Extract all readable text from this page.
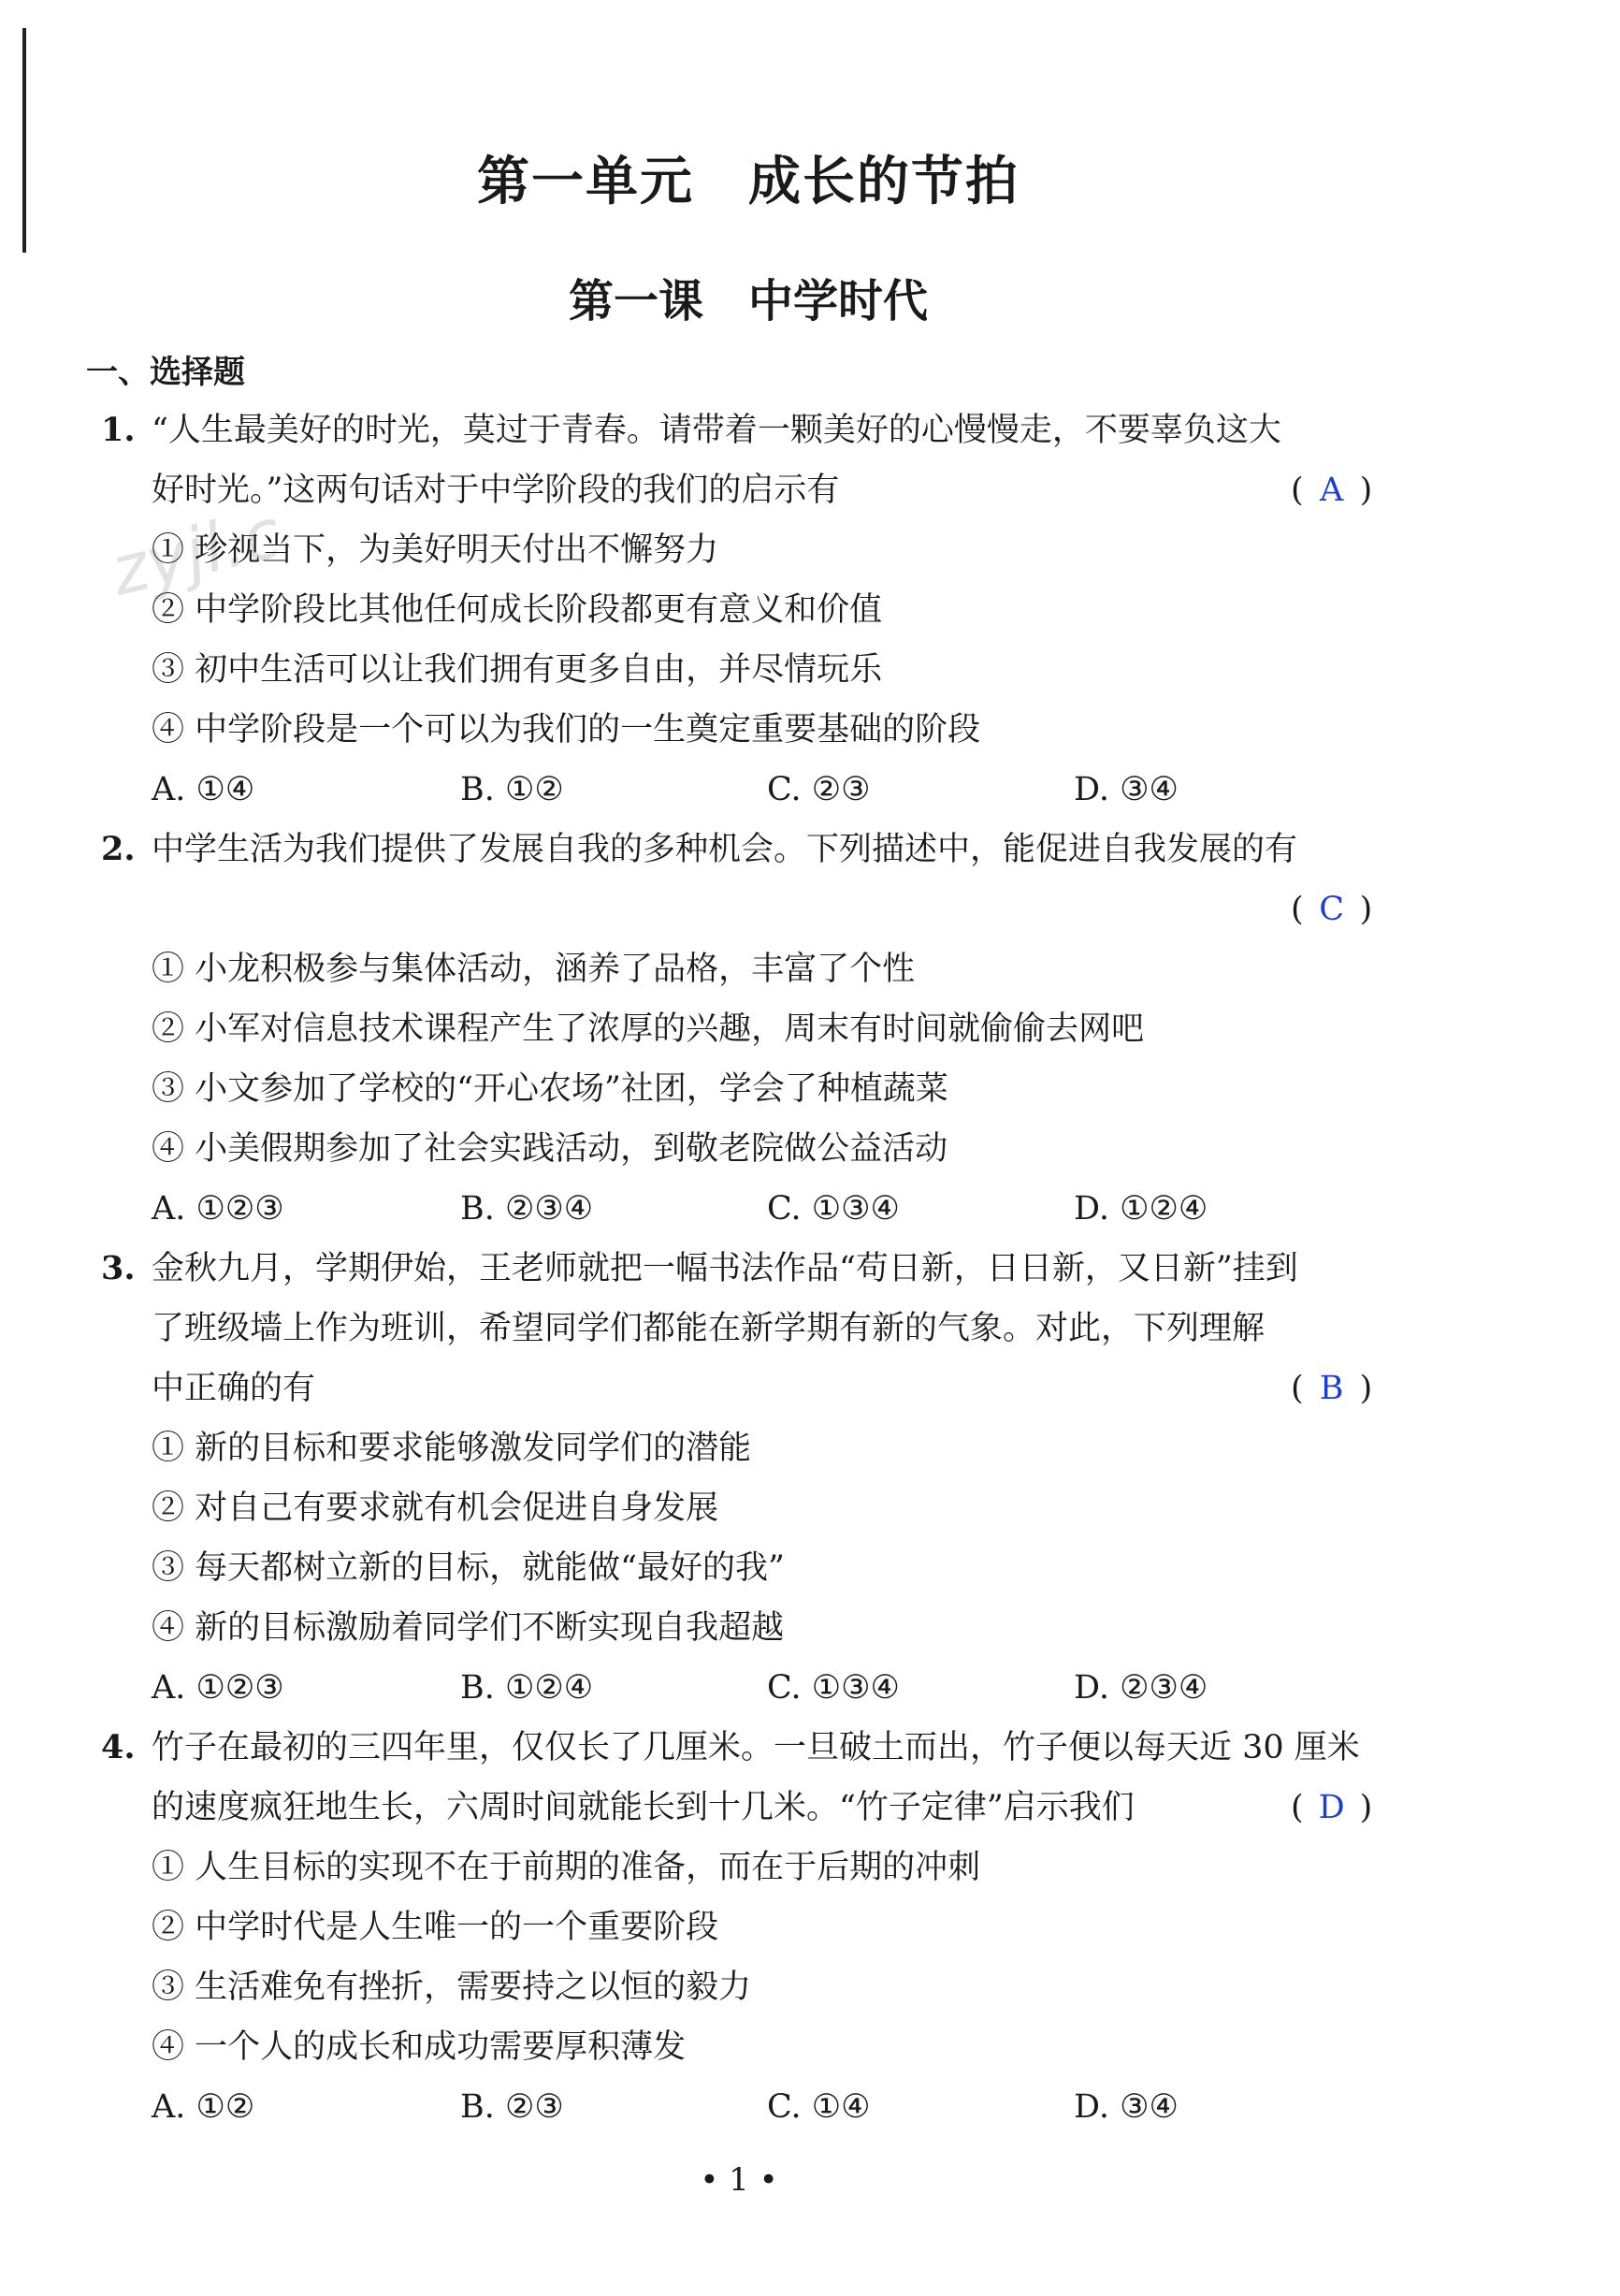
第一单元　成长的节拍
第一课　中学时代
一、选择题
zyjl.c
1. “人生最美好的时光，莫过于青春。请带着一颗美好的心慢慢走，不要辜负这大
好时光。”这两句话对于中学阶段的我们的启示有	( A )
① 珍视当下，为美好明天付出不懈努力
② 中学阶段比其他任何成长阶段都更有意义和价值
③ 初中生活可以让我们拥有更多自由，并尽情玩乐
④ 中学阶段是一个可以为我们的一生奠定重要基础的阶段
A. ①④	B. ①②	C. ②③	D. ③④
2. 中学生活为我们提供了发展自我的多种机会。下列描述中，能促进自我发展的有
( C )
① 小龙积极参与集体活动，涵养了品格，丰富了个性
② 小军对信息技术课程产生了浓厚的兴趣，周末有时间就偷偷去网吧
③ 小文参加了学校的“开心农场”社团，学会了种植蔬菜
④ 小美假期参加了社会实践活动，到敬老院做公益活动
A. ①②③	B. ②③④	C. ①③④	D. ①②④
3. 金秋九月，学期伊始，王老师就把一幅书法作品“苟日新，日日新，又日新”挂到
了班级墙上作为班训，希望同学们都能在新学期有新的气象。对此，下列理解
中正确的有	( B )
① 新的目标和要求能够激发同学们的潜能
② 对自己有要求就有机会促进自身发展
③ 每天都树立新的目标，就能做“最好的我”
④ 新的目标激励着同学们不断实现自我超越
A. ①②③	B. ①②④	C. ①③④	D. ②③④
4. 竹子在最初的三四年里，仅仅长了几厘米。一旦破土而出，竹子便以每天近 30 厘米
的速度疯狂地生长，六周时间就能长到十几米。“竹子定律”启示我们	( D )
① 人生目标的实现不在于前期的准备，而在于后期的冲刺
② 中学时代是人生唯一的一个重要阶段
③ 生活难免有挫折，需要持之以恒的毅力
④ 一个人的成长和成功需要厚积薄发
A. ①②	B. ②③	C. ①④	D. ③④
• 1 •
